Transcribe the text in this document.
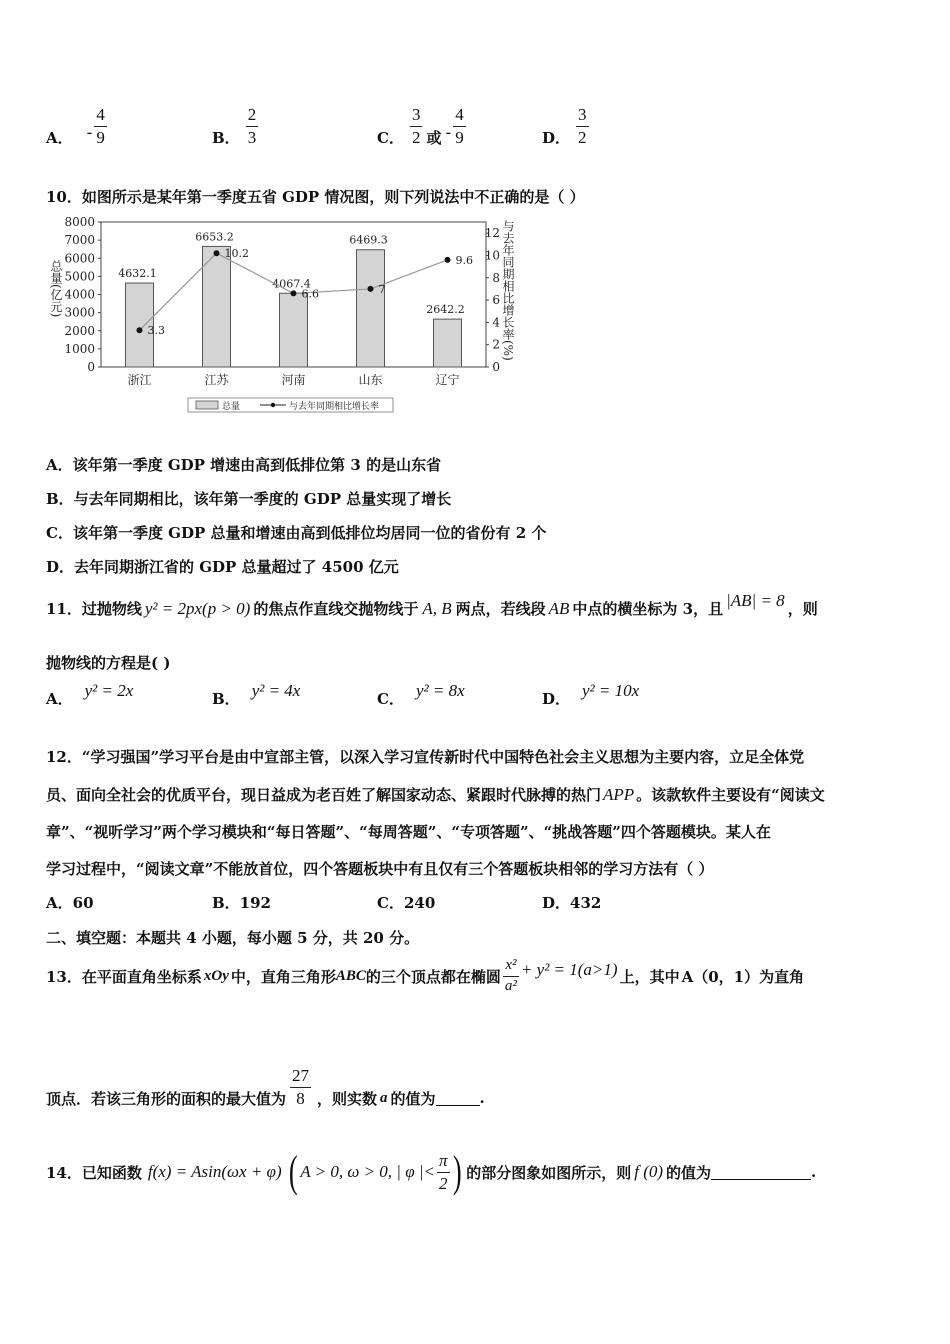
A． - $\frac{4}{9}$	B． $\frac{2}{3}$	C． $\frac{3}{2}$ 或 - $\frac{4}{9}$	D． $\frac{3}{2}$
10．如图所示是某年第一季度五省 GDP 情况图，则下列说法中不正确的是（ ）
0
1000
2000
3000
4000
5000
6000
7000
8000
0
2
4
6
8
10
12
总量(亿元)	与去年同期相比增长率(%)
4632.1
6653.2
4067.4
6469.3
2642.2
浙江	江苏	河南	山东	辽宁
3.3
10.2
6.6	7
9.6
总量	与去年同期相比增长率
A．该年第一季度 GDP 增速由高到低排位第 3 的是山东省
B．与去年同期相比，该年第一季度的 GDP 总量实现了增长
C．该年第一季度 GDP 总量和增速由高到低排位均居同一位的省份有 2 个
D．去年同期浙江省的 GDP 总量超过了 4500 亿元
11．过抛物线 y² = 2px(p > 0) 的焦点作直线交抛物线于 A, B 两点，若线段 AB 中点的横坐标为 3，且 |AB| = 8 ，则
抛物线的方程是( )
A． y² = 2x	B． y² = 4x	C． y² = 8x	D． y² = 10x
12．“学习强国”学习平台是由中宣部主管，以深入学习宣传新时代中国特色社会主义思想为主要内容，立足全体党
员、面向全社会的优质平台，现日益成为老百姓了解国家动态、紧跟时代脉搏的热门 APP 。该款软件主要设有“阅读文
章”、“视听学习”两个学习模块和“每日答题”、“每周答题”、“专项答题”、“挑战答题”四个答题模块。某人在
学习过程中，“阅读文章”不能放首位，四个答题板块中有且仅有三个答题板块相邻的学习方法有（ ）
A．60	B．192	C．240	D．432
二、填空题：本题共 4 小题，每小题 5 分，共 20 分。
13．在平面直角坐标系 xOy 中，直角三角形 ABC 的三个顶点都在椭圆 $\frac{\text{x²}}{\text{a²}} + y^2 = 1(a>1)$ 上，其中 A（0，1）为直角
顶点．若该三角形的面积的最大值为 $\frac{27}{8}$ ，则实数 a 的值为	.
14．已知函数 f(x) = Asin(ωx + φ) ( A > 0, ω > 0, | φ |< $\frac{\pi}{2}$ ) 的部分图象如图所示，则 f (0) 的值为	.
